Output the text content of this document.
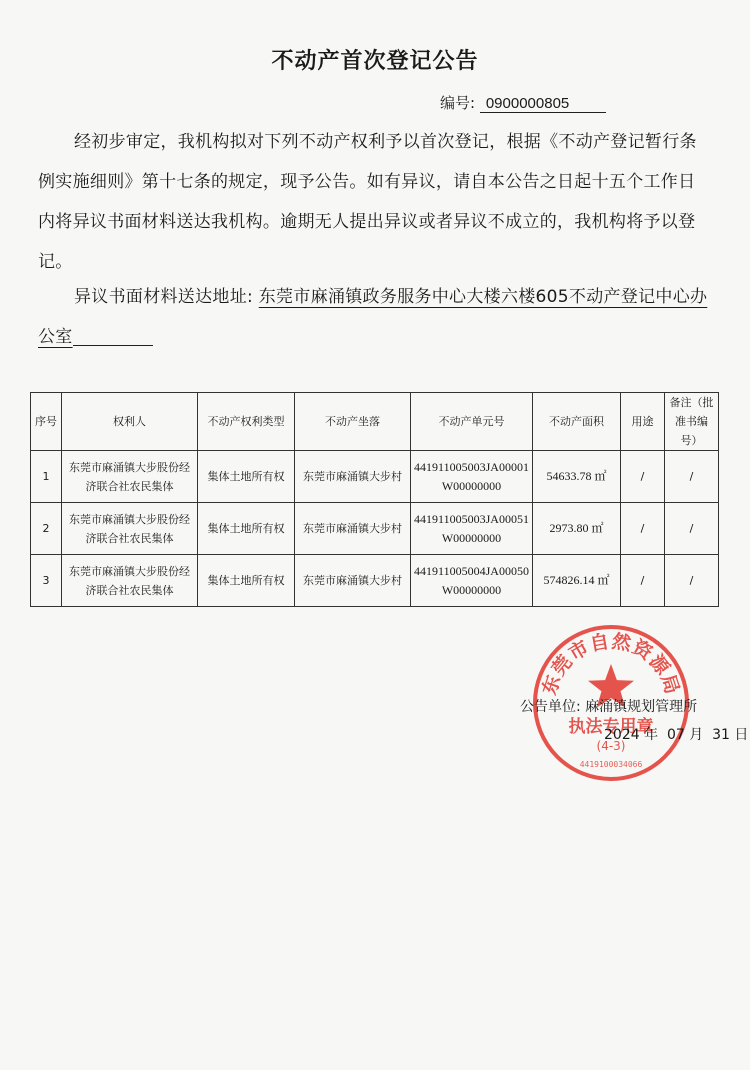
不动产首次登记公告
编号: 0900000805
经初步审定，我机构拟对下列不动产权利予以首次登记，根据《不动产登记暂行条例实施细则》第十七条的规定，现予公告。如有异议，请自本公告之日起十五个工作日内将异议书面材料送达我机构。逾期无人提出异议或者异议不成立的，我机构将予以登记。
异议书面材料送达地址: 东莞市麻涌镇政务服务中心大楼六楼605不动产登记中心办公室
序号	权利人	不动产权利类型	不动产坐落	不动产单元号	不动产面积	用途	备注（批准书编号）
1	东莞市麻涌镇大步股份经济联合社农民集体	集体土地所有权	东莞市麻涌镇大步村	441911005003JA00001W00000000	54633.78 ㎡	/	/
2	东莞市麻涌镇大步股份经济联合社农民集体	集体土地所有权	东莞市麻涌镇大步村	441911005003JA00051W00000000	2973.80 ㎡	/	/
3	东莞市麻涌镇大步股份经济联合社农民集体	集体土地所有权	东莞市麻涌镇大步村	441911005004JA00050W00000000	574826.14 ㎡	/	/
东莞市自然资源局
执法专用章
(4-3)
4419100034066
公告单位: 麻涌镇规划管理所
2024 年  07 月  31 日
